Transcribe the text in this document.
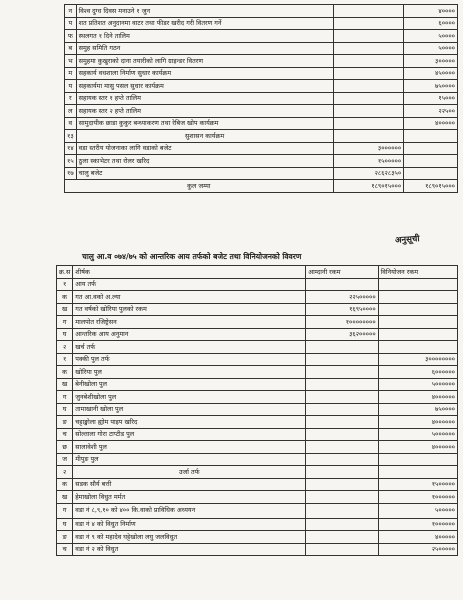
न	विश्व दुग्ध दिवस मनाउने १ जुन		४००००
प	शत प्रतिशत अनुदानमा वाटर तथा फीडर खरीद गरी वितरण गर्ने		६००००
फ	स्थलगत १ दिने तालिम		५००००
ब	समुह समिति गठन		५००००
भ	समुहमा कुखुराकाे दाना तयारीकाे लागि ग्राइन्डर वितरण		३०००००
म	सहकार्य वधशाला निर्माण सुधार कार्यक्रम		४५००००
य	सहकार्यमा मासु पसल सुधार कार्यक्रम		७५००००
र	सहायक स्तर १ हप्ते तालिम		१५०००
ल	सहायक स्तर २ हप्ते तालिम		२२५००
व	सामुदायीक छाडा कुकुर बन्ध्याकरण तथा रेबिज खाेप कार्यक्रम		४०००००
१३	सुशासन कार्यक्रम		
१४	वडा स्तरीय योजनाका लागि वडाकाे बजेट	३००००००	
१५	ठुला स्काभेटर तथा राेलर खरिद	१५०००००	
१७	चालु बजेट	२८६२८३५०	
कुल जम्मा		१८९०१५०००	१८९०१५०००
अनुसूची
चालु आ.व ०७४/७५ काे आन्तरिक आय तर्फकाे बजेट तथा विनियोजनकाे विवरण
क्र.स	शीर्षक	आम्दानी रकम	विनियोजन रकम
१	आय तर्फ		
क	गत आ.वकाे अ.ल्या	२२५०००००	
ख	गत वर्षकाे खाेरिया पुलकाे रकम	१६९५००००	
ग	मालपाेत रजिष्ट्रेसन	१००००००००	
घ	आन्तरिक आय अनुमान	३६२०००००	
२	खर्च तर्फ		
१	पक्की पुल तर्फ		३००००००००
क	खाेरिया पुल		६००००००
ख	बेनीखाेला पुल		५००००००
ग	जुनबेशीखाेला पुल		४००००००
घ	तामाखानी खाेला पुल		७५००००
ङ	चट्टाङ्खाेला ह्याेम पाइप खरिद		४००००००
च	साेल्ताला गाेरा टाप्टीड पुल		५००००००
छ	सालावेशी पुल		४००००००
ज	मीपुङ पुल		
२	उर्जा तर्फ		
क	सडक सौर्य बत्ती		१५०००००
ख	हेमाखाेला विधुत मर्मत		१००००००
ग	वडा नं ८,९,१० काे ४०० कि.वाकाे प्राविधिक अध्ययन		५०००००
घ	वडा नं ४ काे विधुत निर्माण		१००००००
ङ	वडा नं ९ काे महादेव घट्टेखाेला लघु जलविधुत		४०००००
च	वडा नं २ काे विधुत		२५०००००
